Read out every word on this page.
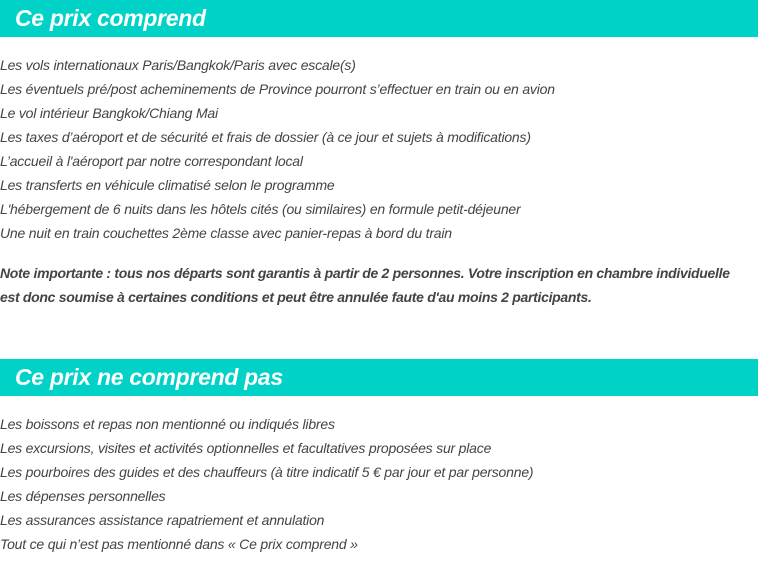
Ce prix comprend
Les vols internationaux Paris/Bangkok/Paris avec escale(s)
Les éventuels pré/post acheminements de Province pourront s’effectuer en train ou en avion
Le vol intérieur Bangkok/Chiang Mai
Les taxes d’aéroport et de sécurité et frais de dossier (à ce jour et sujets à modifications)
L’accueil à l'aéroport par notre correspondant local
Les transferts en véhicule climatisé selon le programme
L'hébergement de 6 nuits dans les hôtels cités (ou similaires) en formule petit-déjeuner
Une nuit en train couchettes 2ème classe avec panier-repas à bord du train

Note importante : tous nos départs sont garantis à partir de 2 personnes. Votre inscription en chambre individuelle est donc soumise à certaines conditions et peut être annulée faute d'au moins 2 participants.

Ce prix ne comprend pas
Les boissons et repas non mentionné ou indiqués libres
Les excursions, visites et activités optionnelles et facultatives proposées sur place
Les pourboires des guides et des chauffeurs (à titre indicatif 5 € par jour et par personne)
Les dépenses personnelles
Les assurances assistance rapatriement et annulation
Tout ce qui n’est pas mentionné dans « Ce prix comprend »
